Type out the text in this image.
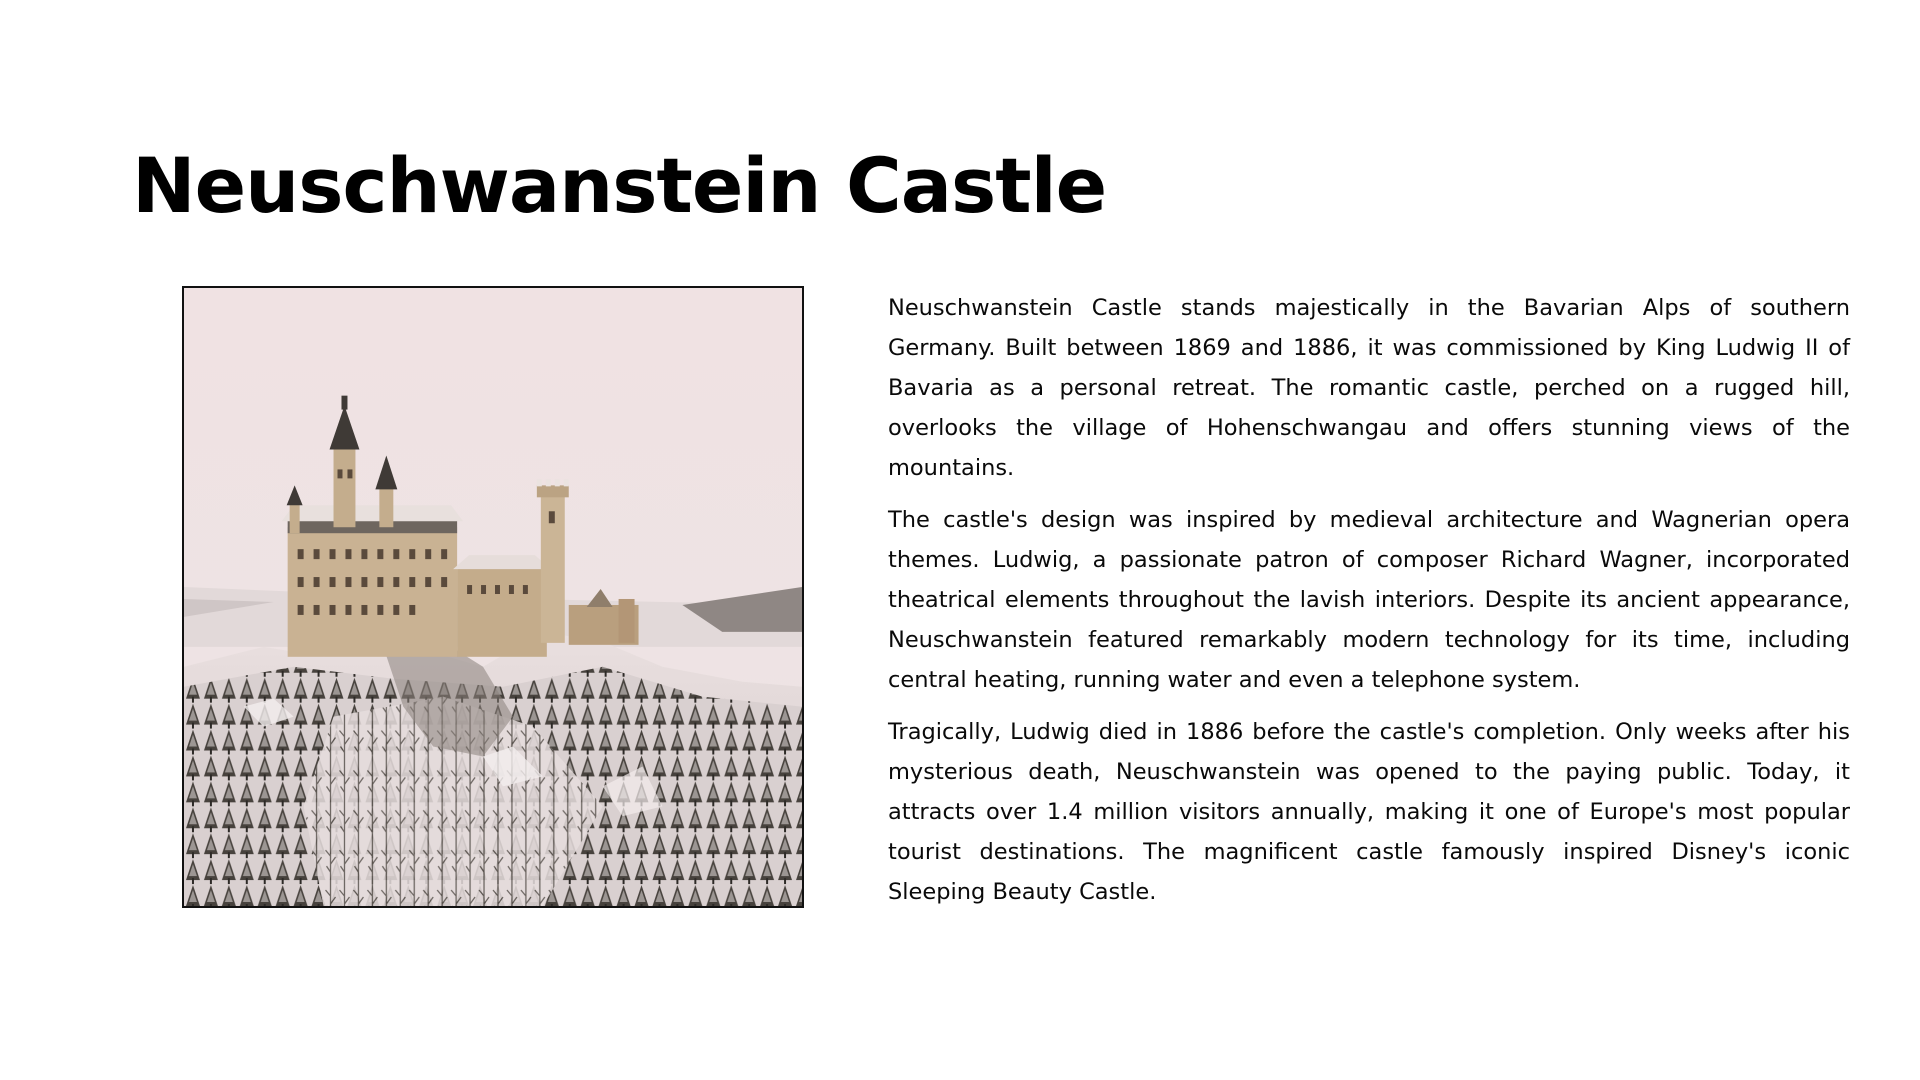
Neuschwanstein Castle

Neuschwanstein Castle stands majestically in the Bavarian Alps of southern Germany. Built between 1869 and 1886, it was commissioned by King Ludwig II of Bavaria as a personal retreat. The romantic castle, perched on a rugged hill, overlooks the village of Hohenschwangau and offers stunning views of the mountains.

The castle's design was inspired by medieval architecture and Wagnerian opera themes. Ludwig, a passionate patron of composer Richard Wagner, incorporated theatrical elements throughout the lavish interiors. Despite its ancient appearance, Neuschwanstein featured remarkably modern technology for its time, including central heating, running water and even a telephone system.

Tragically, Ludwig died in 1886 before the castle's completion. Only weeks after his mysterious death, Neuschwanstein was opened to the paying public. Today, it attracts over 1.4 million visitors annually, making it one of Europe's most popular tourist destinations. The magnificent castle famously inspired Disney's iconic Sleeping Beauty Castle.
